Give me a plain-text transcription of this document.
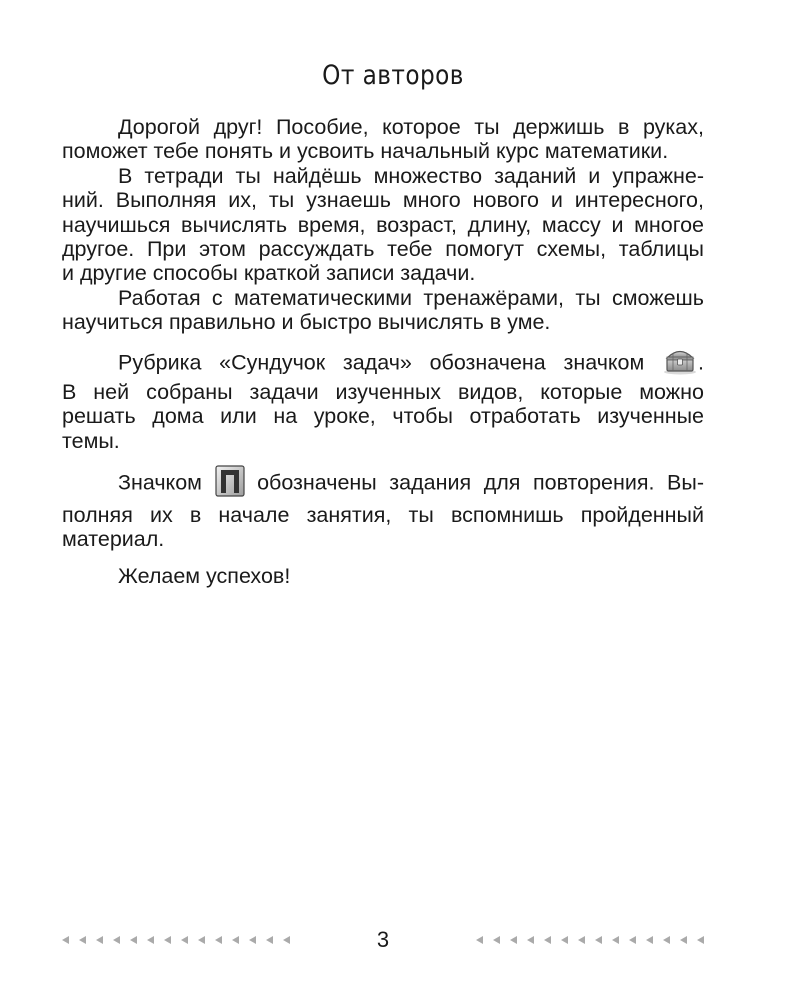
От авторов
Дорогой друг! Пособие, которое ты держишь в руках,
поможет тебе понять и усвоить начальный курс математики.
В тетради ты найдёшь множество заданий и упражне-
ний. Выполняя их, ты узнаешь много нового и интересного,
научишься вычислять время, возраст, длину, массу и многое
другое. При этом рассуждать тебе помогут схемы, таблицы
и другие способы краткой записи задачи.
Работая с математическими тренажёрами, ты сможешь
научиться правильно и быстро вычислять в уме.
Рубрика «Сундучок задач» обозначена значком .
В ней собраны задачи изученных видов, которые можно
решать дома или на уроке, чтобы отработать изученные
темы.
Значком	обозначены задания для повторения. Вы-
полняя их в начале занятия, ты вспомнишь пройденный
материал.
Желаем успехов!
3
